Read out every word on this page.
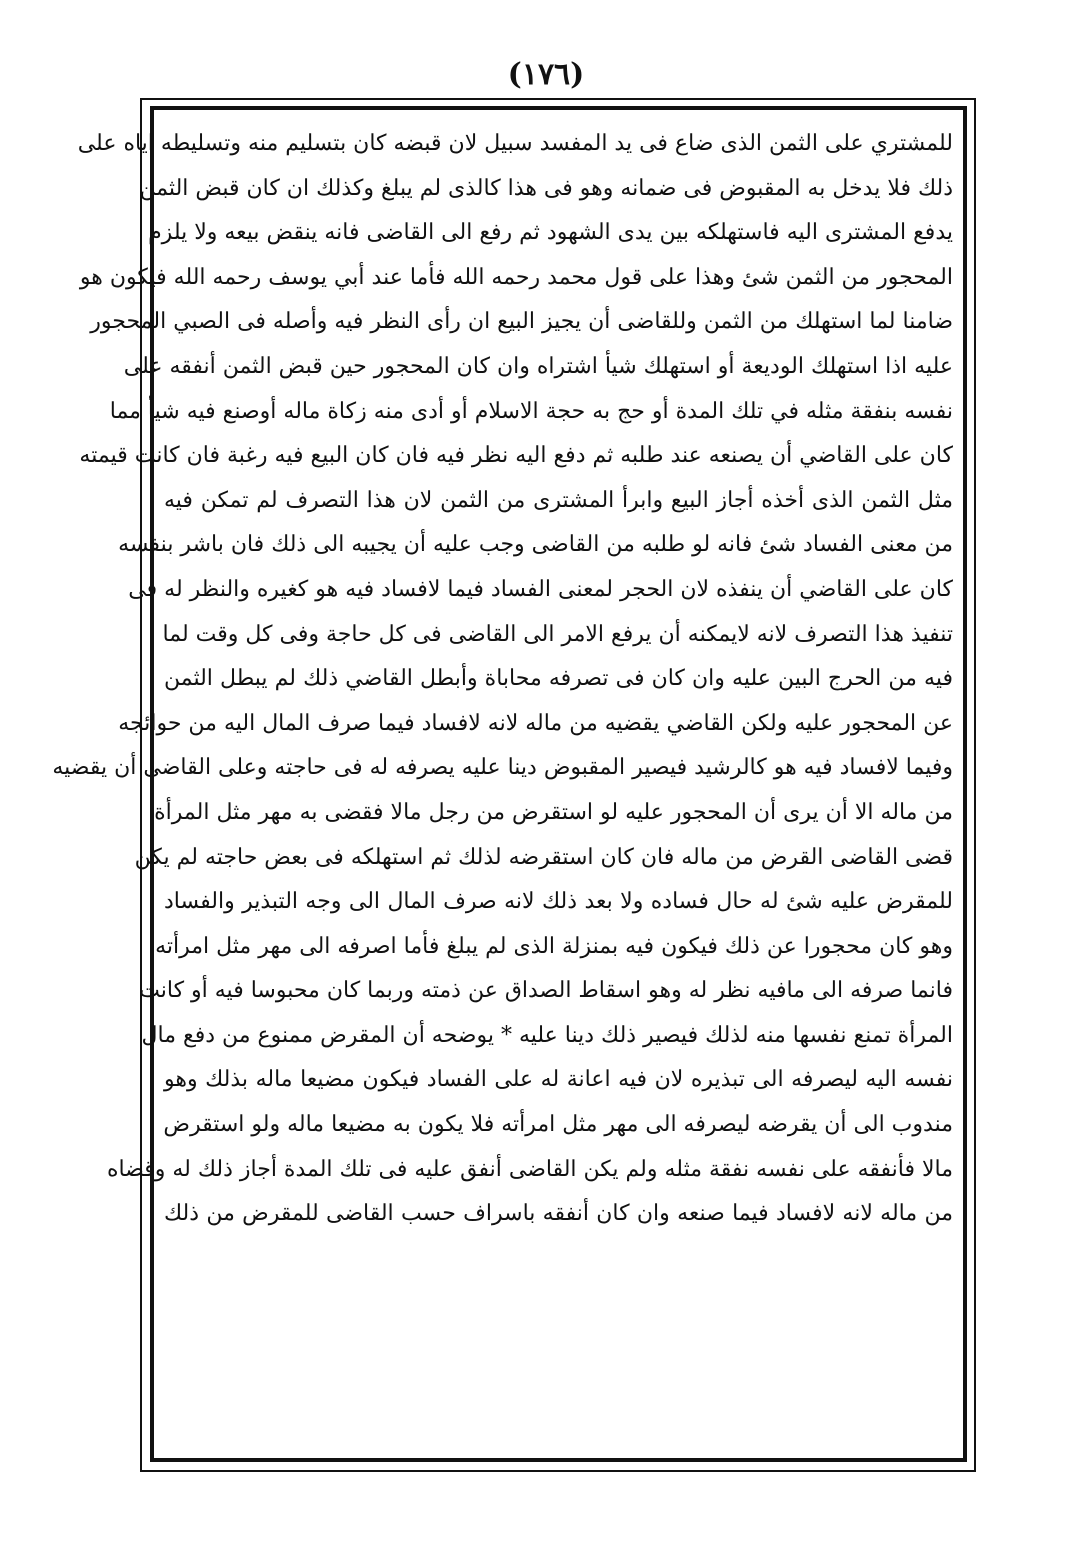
(١٧٦)
للمشتري على الثمن الذى ضاع فى يد المفسد سبيل لان قبضه كان بتسليم منه وتسليطه اياه على
ذلك فلا يدخل به المقبوض فى ضمانه وهو فى هذا كالذى لم يبلغ وكذلك ان كان قبض الثمن
يدفع المشترى اليه فاستهلكه بين يدى الشهود ثم رفع الى القاضى فانه ينقض بيعه ولا يلزم
المحجور من الثمن شئ وهذا على قول محمد رحمه الله فأما عند أبي يوسف رحمه الله فيكون هو
ضامنا لما استهلك من الثمن وللقاضى أن يجيز البيع ان رأى النظر فيه وأصله فى الصبي المحجور
عليه اذا استهلك الوديعة أو استهلك شيأ اشتراه وان كان المحجور حين قبض الثمن أنفقه على
نفسه بنفقة مثله في تلك المدة أو حج به حجة الاسلام أو أدى منه زكاة ماله أوصنع فيه شيأ مما
كان على القاضي أن يصنعه عند طلبه ثم دفع اليه نظر فيه فان كان البيع فيه رغبة فان كانت قيمته
مثل الثمن الذى أخذه أجاز البيع وابرأ المشترى من الثمن لان هذا التصرف لم تمكن فيه
من معنى الفساد شئ فانه لو طلبه من القاضى وجب عليه أن يجيبه الى ذلك فان باشر بنفسه
كان على القاضي أن ينفذه لان الحجر لمعنى الفساد فيما لافساد فيه هو كغيره والنظر له فى
تنفيذ هذا التصرف لانه لايمكنه أن يرفع الامر الى القاضى فى كل حاجة وفى كل وقت لما
فيه من الحرج البين عليه وان كان فى تصرفه محاباة وأبطل القاضي ذلك لم يبطل الثمن
عن المحجور عليه ولكن القاضي يقضيه من ماله لانه لافساد فيما صرف المال اليه من حوائجه
وفيما لافساد فيه هو كالرشيد فيصير المقبوض دينا عليه يصرفه له فى حاجته وعلى القاضى أن يقضيه
من ماله الا أن يرى أن المحجور عليه لو استقرض من رجل مالا فقضى به مهر مثل المرأة
قضى القاضى القرض من ماله فان كان استقرضه لذلك ثم استهلكه فى بعض حاجته لم يكن
للمقرض عليه شئ له حال فساده ولا بعد ذلك لانه صرف المال الى وجه التبذير والفساد
وهو كان محجورا عن ذلك فيكون فيه بمنزلة الذى لم يبلغ فأما اصرفه الى مهر مثل امرأته
فانما صرفه الى مافيه نظر له وهو اسقاط الصداق عن ذمته وربما كان محبوسا فيه أو كانت
المرأة تمنع نفسها منه لذلك فيصير ذلك دينا عليه * يوضحه أن المقرض ممنوع من دفع مال
نفسه اليه ليصرفه الى تبذيره لان فيه اعانة له على الفساد فيكون مضيعا ماله بذلك وهو
مندوب الى أن يقرضه ليصرفه الى مهر مثل امرأته فلا يكون به مضيعا ماله ولو استقرض
مالا فأنفقه على نفسه نفقة مثله ولم يكن القاضى أنفق عليه فى تلك المدة أجاز ذلك له وقضاه
من ماله لانه لافساد فيما صنعه وان كان أنفقه باسراف حسب القاضى للمقرض من ذلك
